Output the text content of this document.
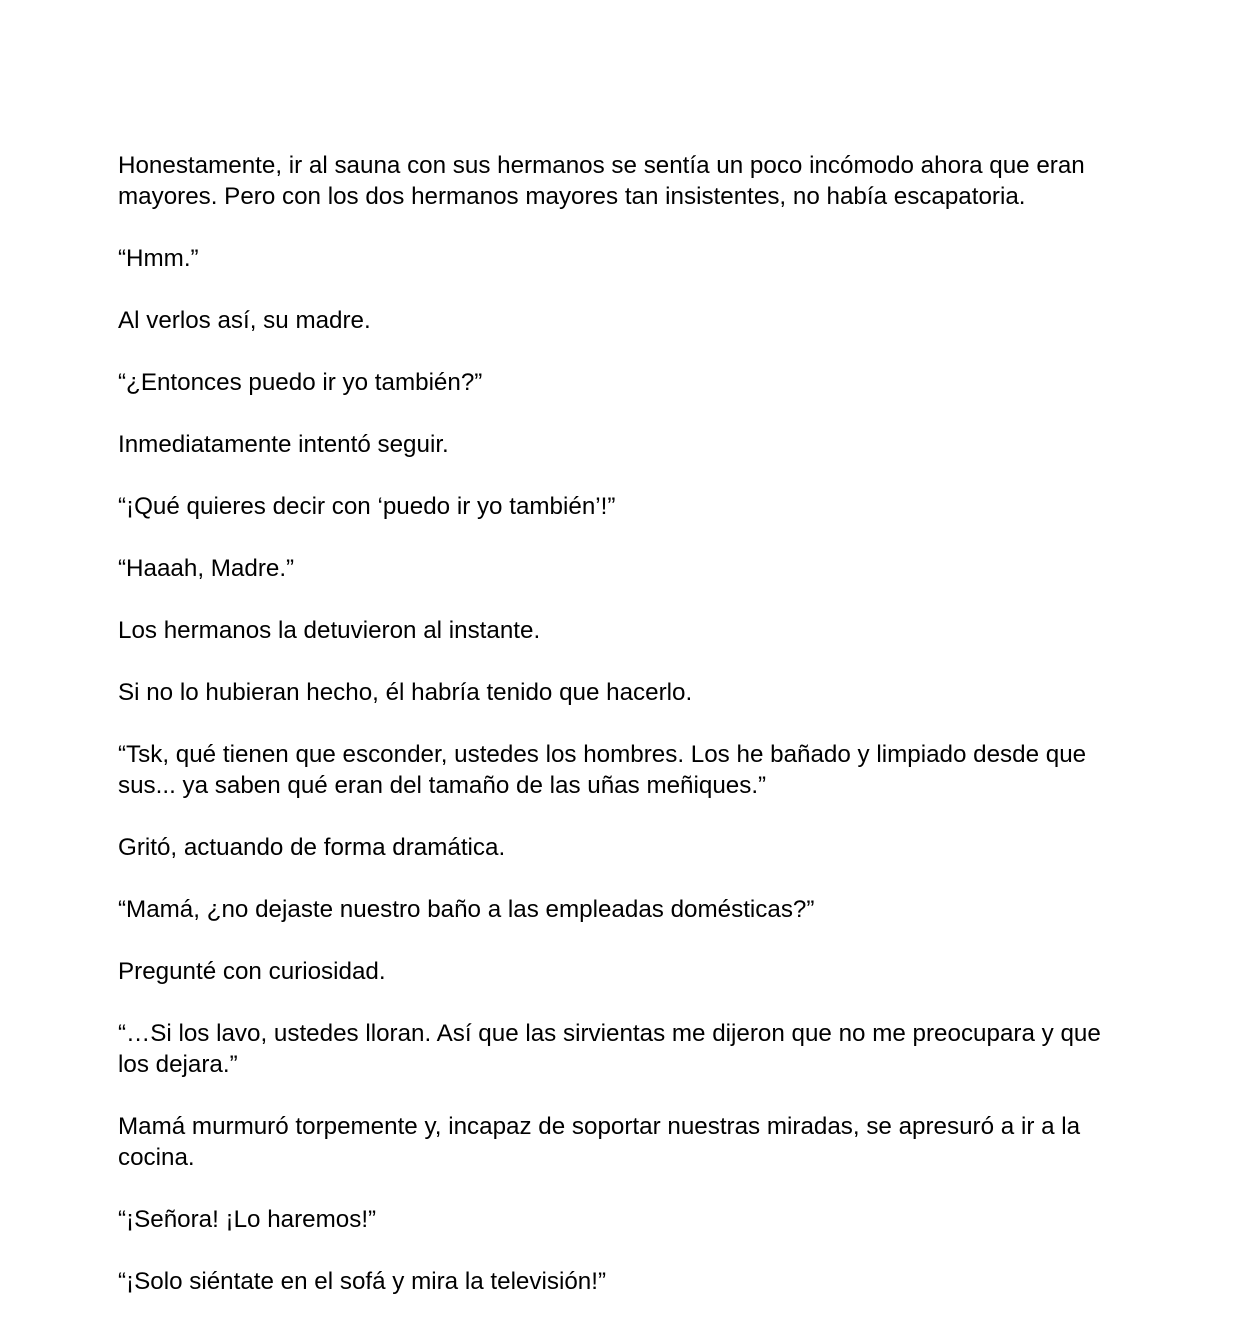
Honestamente, ir al sauna con sus hermanos se sentía un poco incómodo ahora que eran mayores. Pero con los dos hermanos mayores tan insistentes, no había escapatoria.

“Hmm.”

Al verlos así, su madre.

“¿Entonces puedo ir yo también?”

Inmediatamente intentó seguir.

“¡Qué quieres decir con ‘puedo ir yo también’!”

“Haaah, Madre.”

Los hermanos la detuvieron al instante.

Si no lo hubieran hecho, él habría tenido que hacerlo.

“Tsk, qué tienen que esconder, ustedes los hombres. Los he bañado y limpiado desde que sus... ya saben qué eran del tamaño de las uñas meñiques.”

Gritó, actuando de forma dramática.

“Mamá, ¿no dejaste nuestro baño a las empleadas domésticas?”

Pregunté con curiosidad.

“…Si los lavo, ustedes lloran. Así que las sirvientas me dijeron que no me preocupara y que los dejara.”

Mamá murmuró torpemente y, incapaz de soportar nuestras miradas, se apresuró a ir a la cocina.

“¡Señora! ¡Lo haremos!”

“¡Solo siéntate en el sofá y mira la televisión!”
